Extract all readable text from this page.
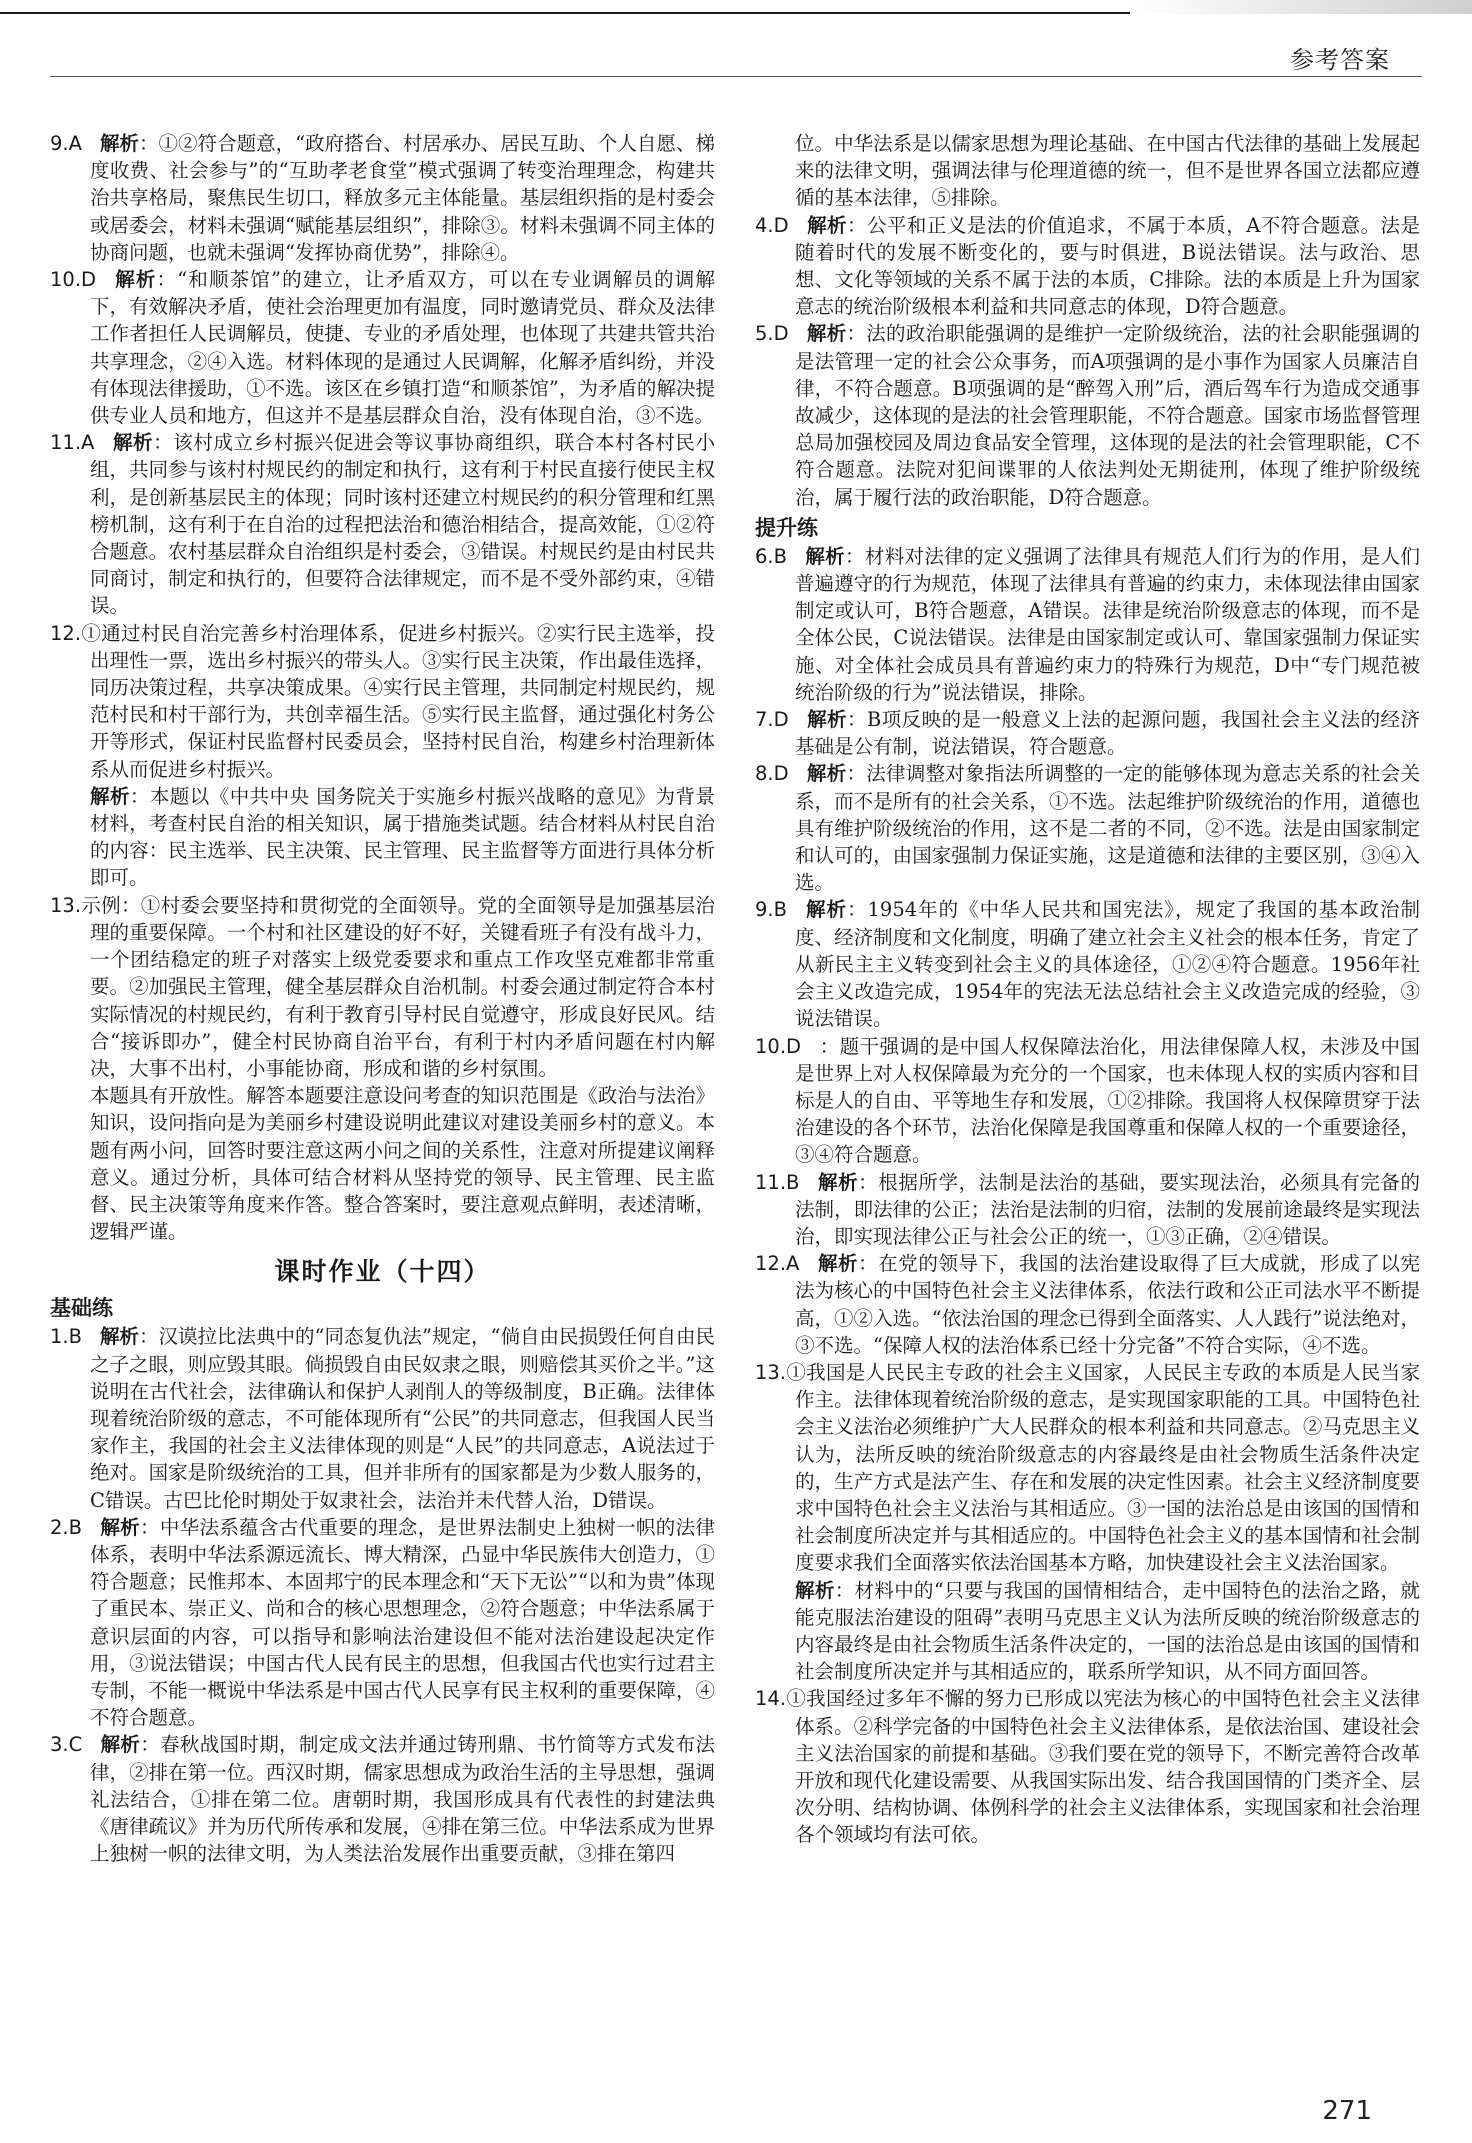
参考答案

9.A 解析：①②符合题意，“政府搭台、村居承办、居民互助、个人自愿、梯度收费、社会参与”的“互助孝老食堂”模式强调了转变治理理念，构建共治共享格局，聚焦民生切口，释放多元主体能量。基层组织指的是村委会或居委会，材料未强调“赋能基层组织”，排除③。材料未强调不同主体的协商问题，也就未强调“发挥协商优势”，排除④。

10.D 解析：“和顺茶馆”的建立，让矛盾双方，可以在专业调解员的调解下，有效解决矛盾，使社会治理更加有温度，同时邀请党员、群众及法律工作者担任人民调解员，使捷、专业的矛盾处理，也体现了共建共管共治共享理念，②④入选。材料体现的是通过人民调解，化解矛盾纠纷，并没有体现法律援助，①不选。该区在乡镇打造“和顺茶馆”，为矛盾的解决提供专业人员和地方，但这并不是基层群众自治，没有体现自治，③不选。

11.A 解析：该村成立乡村振兴促进会等议事协商组织，联合本村各村民小组，共同参与该村村规民约的制定和执行，这有利于村民直接行使民主权利，是创新基层民主的体现；同时该村还建立村规民约的积分管理和红黑榜机制，这有利于在自治的过程把法治和德治相结合，提高效能，①②符合题意。农村基层群众自治组织是村委会，③错误。村规民约是由村民共同商讨，制定和执行的，但要符合法律规定，而不是不受外部约束，④错误。

12.①通过村民自治完善乡村治理体系，促进乡村振兴。②实行民主选举，投出理性一票，选出乡村振兴的带头人。③实行民主决策，作出最佳选择，同历决策过程，共享决策成果。④实行民主管理，共同制定村规民约，规范村民和村干部行为，共创幸福生活。⑤实行民主监督，通过强化村务公开等形式，保证村民监督村民委员会，坚持村民自治，构建乡村治理新体系从而促进乡村振兴。

解析：本题以《中共中央 国务院关于实施乡村振兴战略的意见》为背景材料，考查村民自治的相关知识，属于措施类试题。结合材料从村民自治的内容：民主选举、民主决策、民主管理、民主监督等方面进行具体分析即可。

13.示例：①村委会要坚持和贯彻党的全面领导。党的全面领导是加强基层治理的重要保障。一个村和社区建设的好不好，关键看班子有没有战斗力，一个团结稳定的班子对落实上级党委要求和重点工作攻坚克难都非常重要。②加强民主管理，健全基层群众自治机制。村委会通过制定符合本村实际情况的村规民约，有利于教育引导村民自觉遵守，形成良好民风。结合“接诉即办”，健全村民协商自治平台，有利于村内矛盾问题在村内解决，大事不出村，小事能协商，形成和谐的乡村氛围。

本题具有开放性。解答本题要注意设问考查的知识范围是《政治与法治》知识，设问指向是为美丽乡村建设说明此建议对建设美丽乡村的意义。本题有两小问，回答时要注意这两小问之间的关系性，注意对所提建议阐释意义。通过分析，具体可结合材料从坚持党的领导、民主管理、民主监督、民主决策等角度来作答。整合答案时，要注意观点鲜明，表述清晰，逻辑严谨。

课时作业（十四）
基础练

1.B 解析：汉谟拉比法典中的“同态复仇法”规定，“倘自由民损毁任何自由民之子之眼，则应毁其眼。倘损毁自由民奴隶之眼，则赔偿其买价之半。”这说明在古代社会，法律确认和保护人剥削人的等级制度，B正确。法律体现着统治阶级的意志，不可能体现所有“公民”的共同意志，但我国人民当家作主，我国的社会主义法律体现的则是“人民”的共同意志，A说法过于绝对。国家是阶级统治的工具，但并非所有的国家都是为少数人服务的，C错误。古巴比伦时期处于奴隶社会，法治并未代替人治，D错误。

2.B 解析：中华法系蕴含古代重要的理念，是世界法制史上独树一帜的法律体系，表明中华法系源远流长、博大精深，凸显中华民族伟大创造力，①符合题意；民惟邦本、本固邦宁的民本理念和“天下无讼”“以和为贵”体现了重民本、崇正义、尚和合的核心思想理念，②符合题意；中华法系属于意识层面的内容，可以指导和影响法治建设但不能对法治建设起决定作用，③说法错误；中国古代人民有民主的思想，但我国古代也实行过君主专制，不能一概说中华法系是中国古代人民享有民主权利的重要保障，④不符合题意。

3.C 解析：春秋战国时期，制定成文法并通过铸刑鼎、书竹简等方式发布法律，②排在第一位。西汉时期，儒家思想成为政治生活的主导思想，强调礼法结合，①排在第二位。唐朝时期，我国形成具有代表性的封建法典《唐律疏议》并为历代所传承和发展，④排在第三位。中华法系成为世界上独树一帜的法律文明，为人类法治发展作出重要贡献，③排在第四

位。中华法系是以儒家思想为理论基础、在中国古代法律的基础上发展起来的法律文明，强调法律与伦理道德的统一，但不是世界各国立法都应遵循的基本法律，⑤排除。

4.D 解析：公平和正义是法的价值追求，不属于本质，A不符合题意。法是随着时代的发展不断变化的，要与时俱进，B说法错误。法与政治、思想、文化等领域的关系不属于法的本质，C排除。法的本质是上升为国家意志的统治阶级根本利益和共同意志的体现，D符合题意。

5.D 解析：法的政治职能强调的是维护一定阶级统治，法的社会职能强调的是法管理一定的社会公众事务，而A项强调的是小事作为国家人员廉洁自律，不符合题意。B项强调的是“醉驾入刑”后，酒后驾车行为造成交通事故减少，这体现的是法的社会管理职能，不符合题意。国家市场监督管理总局加强校园及周边食品安全管理，这体现的是法的社会管理职能，C不符合题意。法院对犯间谍罪的人依法判处无期徒刑，体现了维护阶级统治，属于履行法的政治职能，D符合题意。

提升练

6.B 解析：材料对法律的定义强调了法律具有规范人们行为的作用，是人们普遍遵守的行为规范，体现了法律具有普遍的约束力，未体现法律由国家制定或认可，B符合题意，A错误。法律是统治阶级意志的体现，而不是全体公民，C说法错误。法律是由国家制定或认可、靠国家强制力保证实施、对全体社会成员具有普遍约束力的特殊行为规范，D中“专门规范被统治阶级的行为”说法错误，排除。

7.D 解析：B项反映的是一般意义上法的起源问题，我国社会主义法的经济基础是公有制，说法错误，符合题意。

8.D 解析：法律调整对象指法所调整的一定的能够体现为意志关系的社会关系，而不是所有的社会关系，①不选。法起维护阶级统治的作用，道德也具有维护阶级统治的作用，这不是二者的不同，②不选。法是由国家制定和认可的，由国家强制力保证实施，这是道德和法律的主要区别，③④入选。

9.B 解析：1954年的《中华人民共和国宪法》，规定了我国的基本政治制度、经济制度和文化制度，明确了建立社会主义社会的根本任务，肯定了从新民主主义转变到社会主义的具体途径，①②④符合题意。1956年社会主义改造完成，1954年的宪法无法总结社会主义改造完成的经验，③说法错误。

10.D ：题干强调的是中国人权保障法治化，用法律保障人权，未涉及中国是世界上对人权保障最为充分的一个国家，也未体现人权的实质内容和目标是人的自由、平等地生存和发展，①②排除。我国将人权保障贯穿于法治建设的各个环节，法治化保障是我国尊重和保障人权的一个重要途径，③④符合题意。

11.B 解析：根据所学，法制是法治的基础，要实现法治，必须具有完备的法制，即法律的公正；法治是法制的归宿，法制的发展前途最终是实现法治，即实现法律公正与社会公正的统一，①③正确，②④错误。

12.A 解析：在党的领导下，我国的法治建设取得了巨大成就，形成了以宪法为核心的中国特色社会主义法律体系，依法行政和公正司法水平不断提高，①②入选。“依法治国的理念已得到全面落实、人人践行”说法绝对，③不选。“保障人权的法治体系已经十分完备”不符合实际，④不选。

13.①我国是人民民主专政的社会主义国家，人民民主专政的本质是人民当家作主。法律体现着统治阶级的意志，是实现国家职能的工具。中国特色社会主义法治必须维护广大人民群众的根本利益和共同意志。②马克思主义认为，法所反映的统治阶级意志的内容最终是由社会物质生活条件决定的，生产方式是法产生、存在和发展的决定性因素。社会主义经济制度要求中国特色社会主义法治与其相适应。③一国的法治总是由该国的国情和社会制度所决定并与其相适应的。中国特色社会主义的基本国情和社会制度要求我们全面落实依法治国基本方略，加快建设社会主义法治国家。

解析：材料中的“只要与我国的国情相结合，走中国特色的法治之路，就能克服法治建设的阻碍”表明马克思主义认为法所反映的统治阶级意志的内容最终是由社会物质生活条件决定的，一国的法治总是由该国的国情和社会制度所决定并与其相适应的，联系所学知识，从不同方面回答。

14.①我国经过多年不懈的努力已形成以宪法为核心的中国特色社会主义法律体系。②科学完备的中国特色社会主义法律体系，是依法治国、建设社会主义法治国家的前提和基础。③我们要在党的领导下，不断完善符合改革开放和现代化建设需要、从我国实际出发、结合我国国情的门类齐全、层次分明、结构协调、体例科学的社会主义法律体系，实现国家和社会治理各个领域均有法可依。

271
